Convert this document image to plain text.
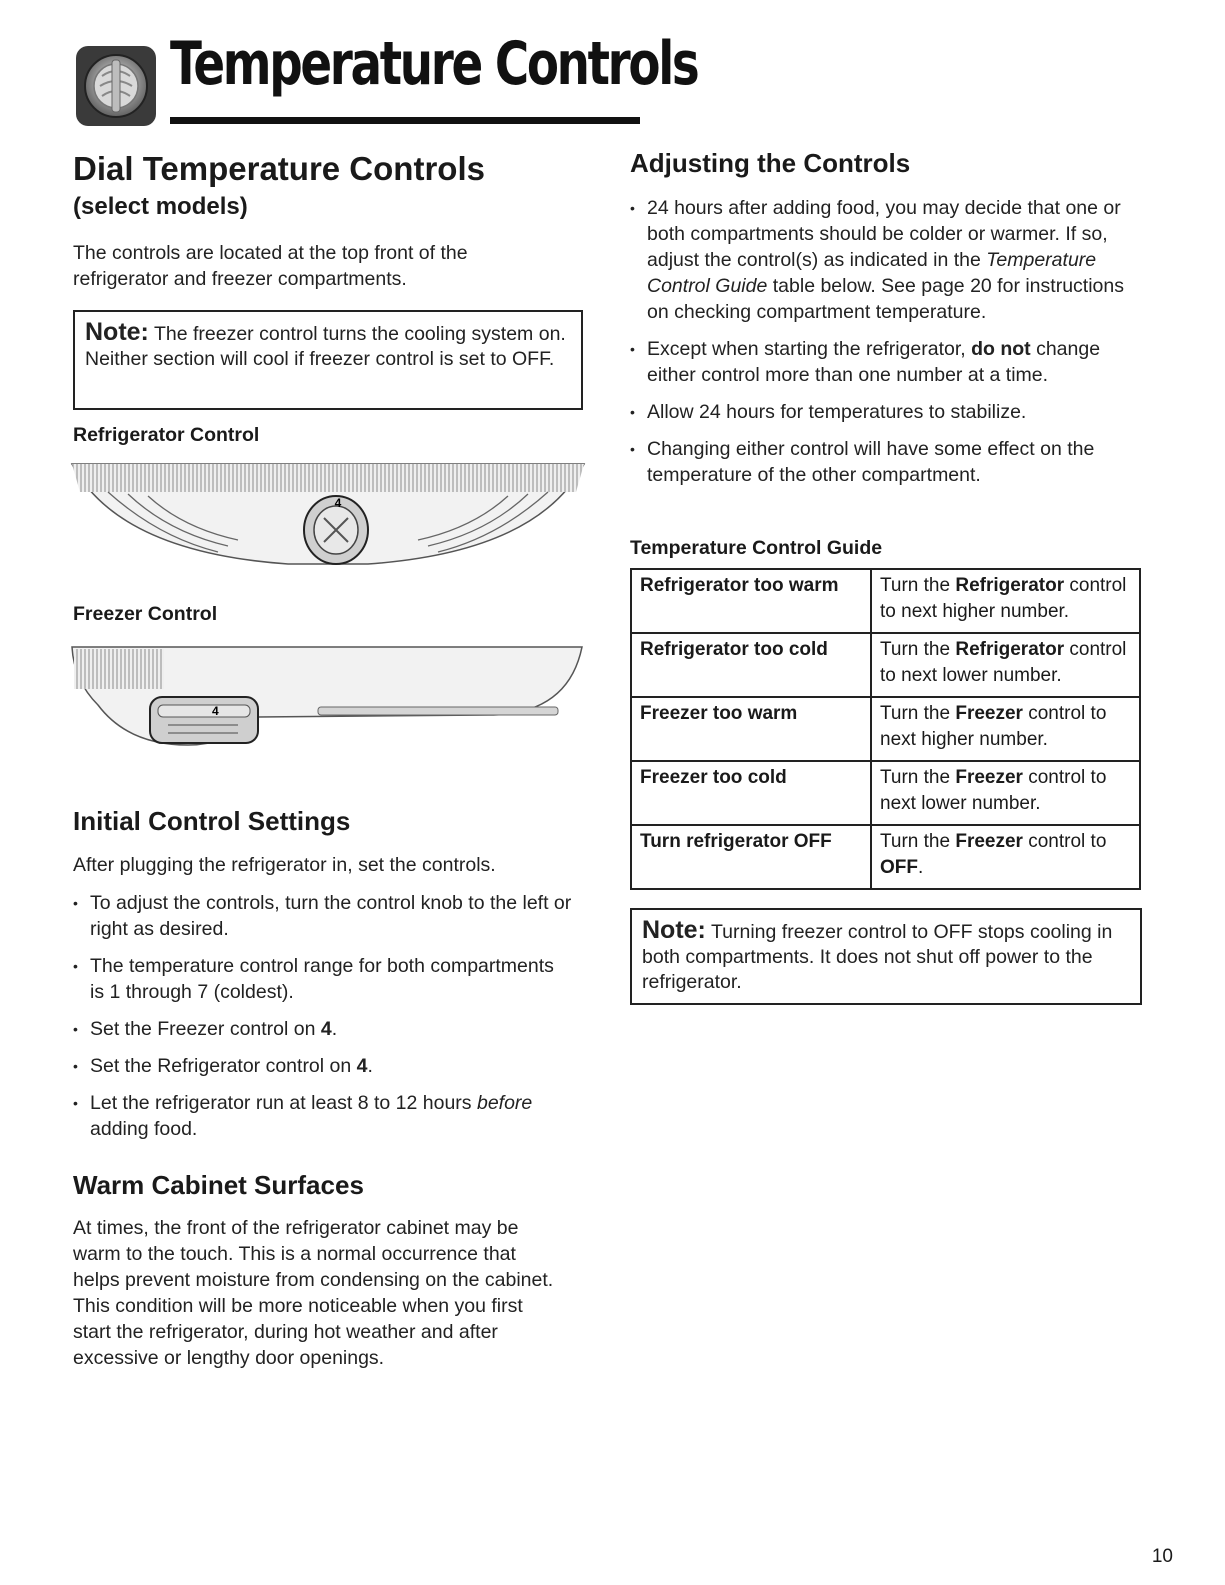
Temperature Controls
Dial Temperature Controls
(select models)

The controls are located at the top front of the refrigerator and freezer compartments.

Note: The freezer control turns the cooling system on. Neither section will cool if freezer control is set to OFF.

Refrigerator Control

4

Freezer Control

4
Initial Control Settings

After plugging the refrigerator in, set the controls.

• To adjust the controls, turn the control knob to the left or right as desired.
• The temperature control range for both compartments is 1 through 7 (coldest).
• Set the Freezer control on 4.
• Set the Refrigerator control on 4.
• Let the refrigerator run at least 8 to 12 hours before adding food.
Warm Cabinet Surfaces

At times, the front of the refrigerator cabinet may be warm to the touch. This is a normal occurrence that helps prevent moisture from condensing on the cabinet. This condition will be more noticeable when you first start the refrigerator, during hot weather and after excessive or lengthy door openings.

Adjusting the Controls
• 24 hours after adding food, you may decide that one or both compartments should be colder or warmer. If so, adjust the control(s) as indicated in the Temperature Control Guide table below. See page 20 for instructions on checking compartment temperature.
• Except when starting the refrigerator, do not change either control more than one number at a time.
• Allow 24 hours for temperatures to stabilize.
• Changing either control will have some effect on the temperature of the other compartment.

Temperature Control Guide

Refrigerator too warm	Turn the Refrigerator control to next higher number.
Refrigerator too cold	Turn the Refrigerator control to next lower number.
Freezer too warm	Turn the Freezer control to next higher number.
Freezer too cold	Turn the Freezer control to next lower number.
Turn refrigerator OFF	Turn the Freezer control to OFF.

Note: Turning freezer control to OFF stops cooling in both compartments. It does not shut off power to the refrigerator.

10
